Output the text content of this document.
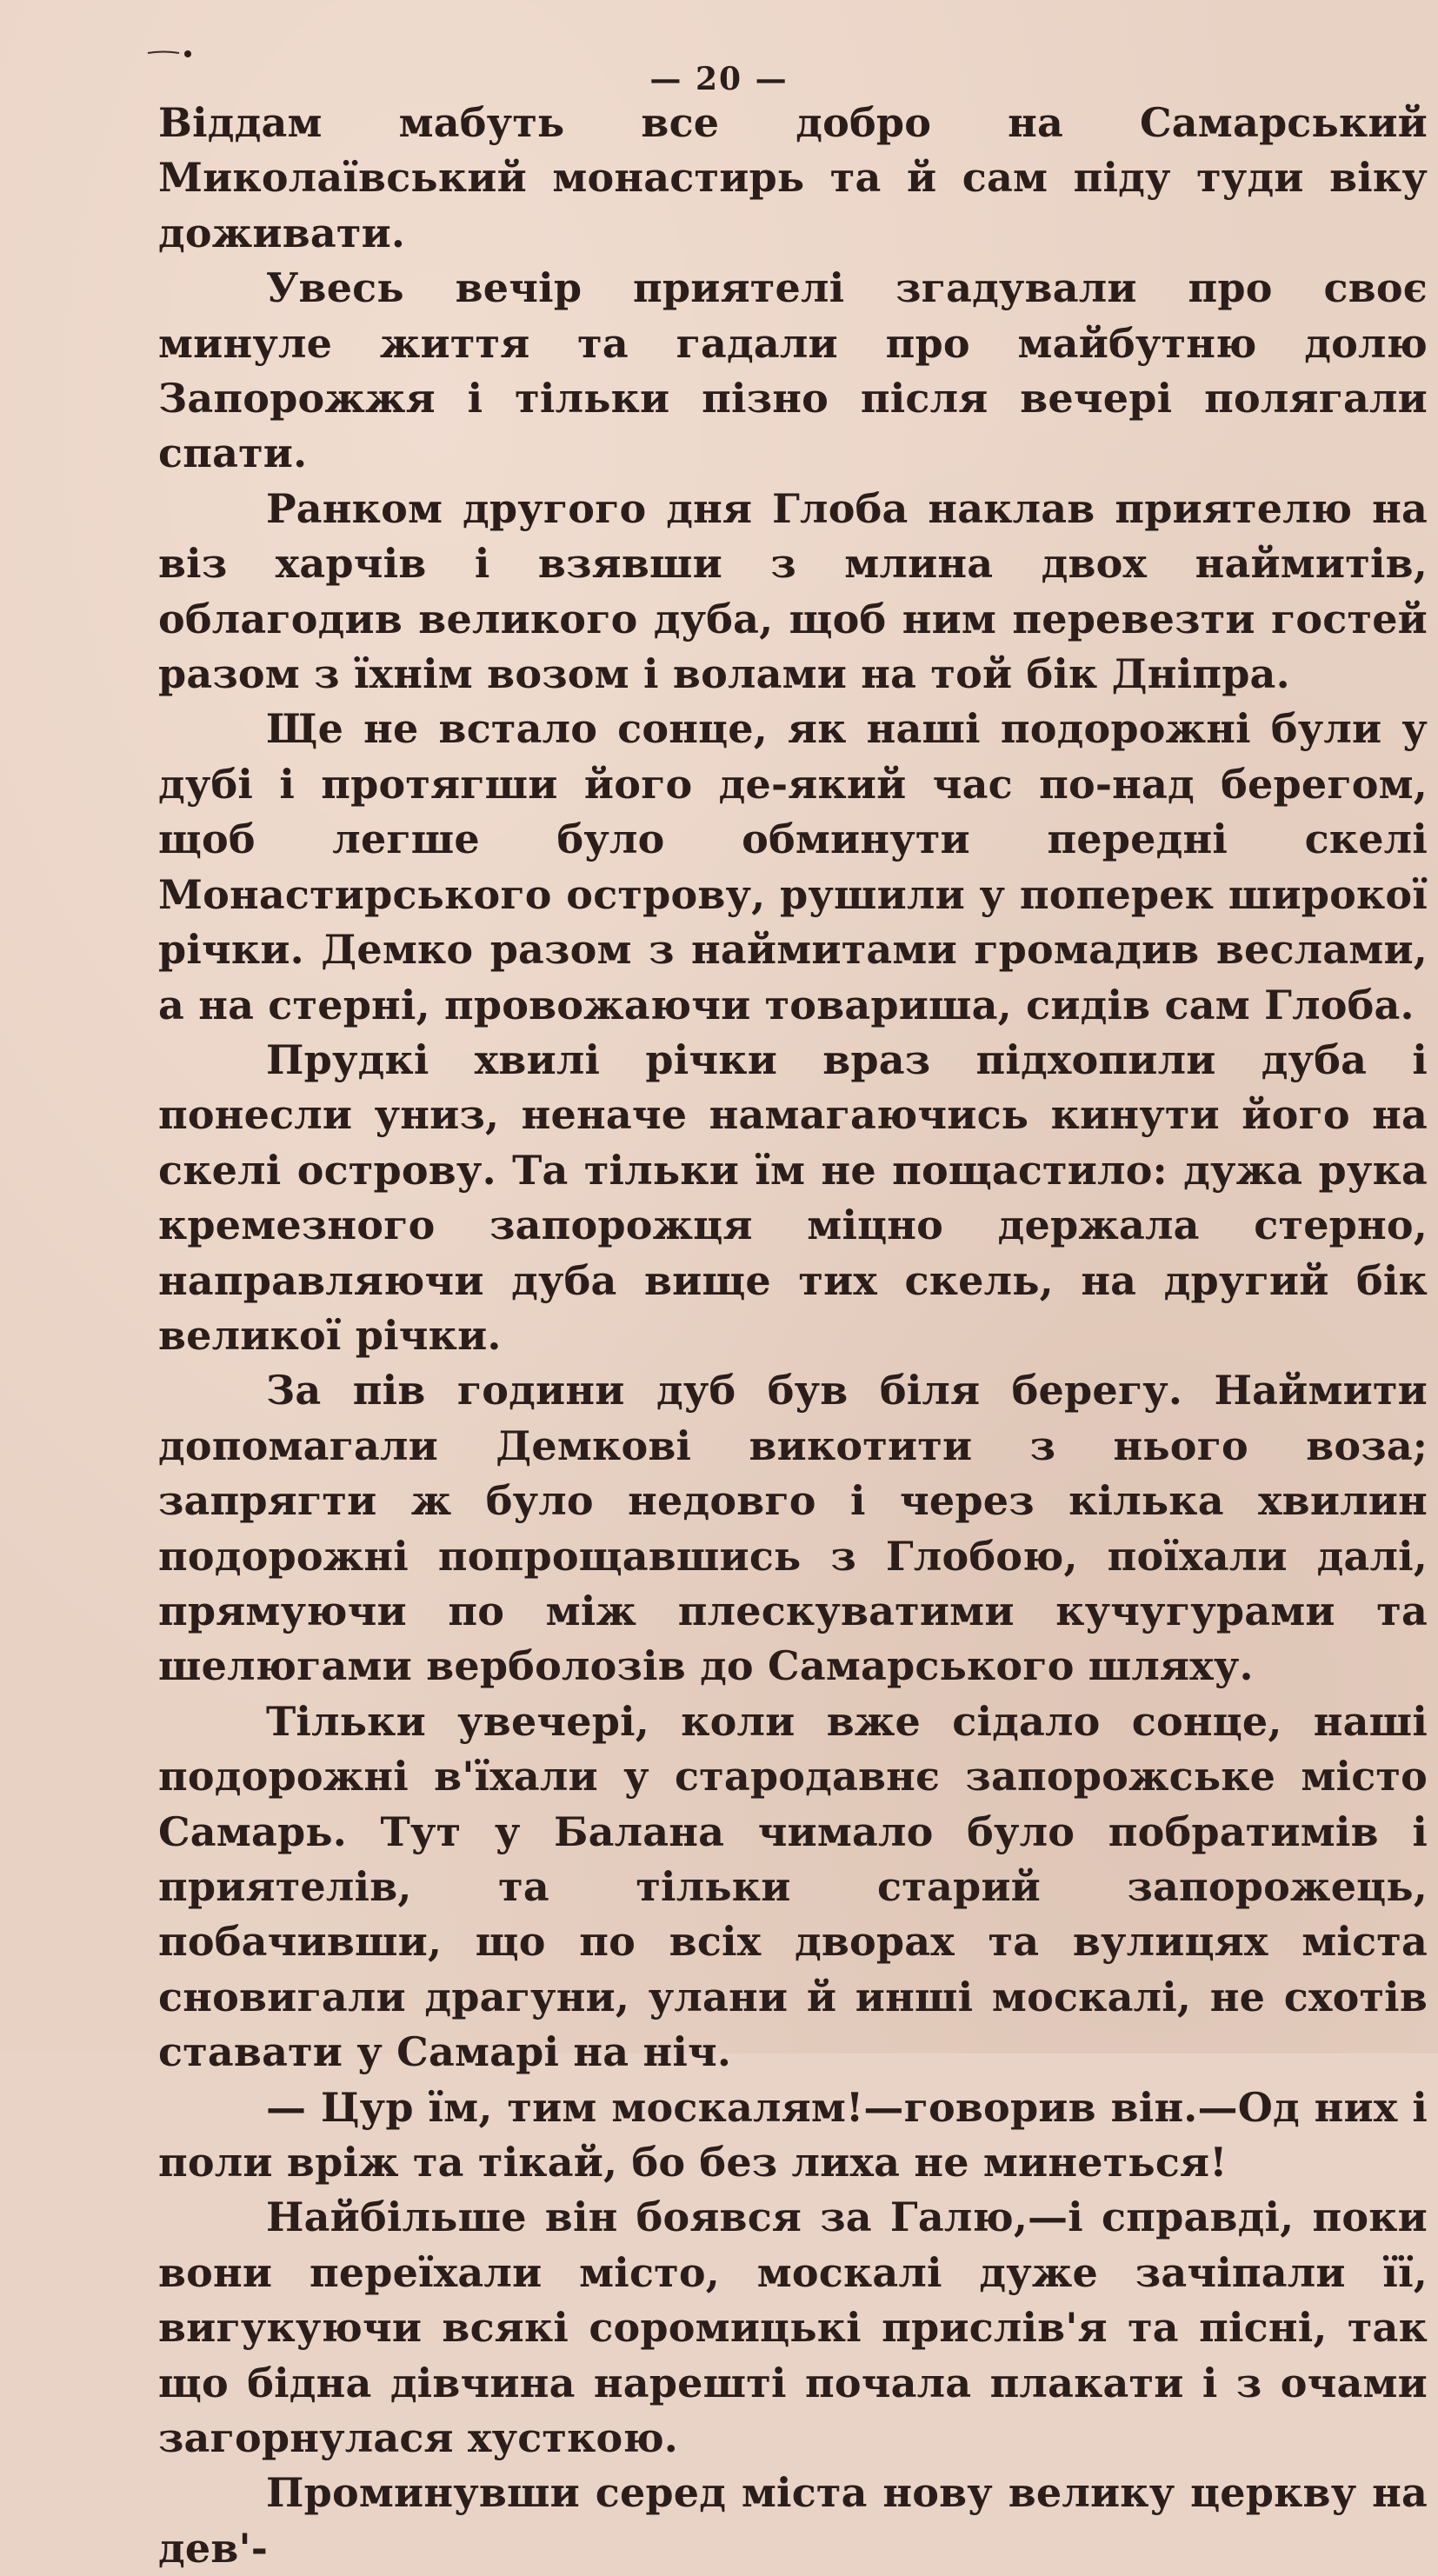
— 20 —

Віддам мабуть все добро на Самарський Миколаївський монастирь та й сам піду туди віку доживати.

Увесь вечір приятелі згадували про своє минуле життя та гадали про майбутню долю Запорожжя і тільки пізно після вечері полягали спати.

Ранком другого дня Глоба наклав приятелю на віз харчів і взявши з млина двох наймитів, облагодив великого дуба, щоб ним перевезти гостей разом з їхнім возом і волами на той бік Дніпра.

Ще не встало сонце, як наші подорожні були у дубі і протягши його де-який час по-над берегом, щоб легше було обминути передні скелі Монастирського острову, рушили у поперек широкої річки. Демко разом з наймитами громадив веслами, а на стерні, провожаючи товариша, сидів сам Глоба.

Прудкі хвилі річки враз підхопили дуба і понесли униз, неначе намагаючись кинути його на скелі острову. Та тільки їм не пощастило: дужа рука кремезного запорожця міцно держала стерно, направляючи дуба вище тих скель, на другий бік великої річки.

За пів години дуб був біля берегу. Наймити допомагали Демкові викотити з нього воза; запрягти ж було недовго і через кілька хвилин подорожні попрощавшись з Глобою, поїхали далі, прямуючи по між плескуватими кучугурами та шелюгами верболозів до Самарського шляху.

Тільки увечері, коли вже сідало сонце, наші подорожні в'їхали у стародавнє запорожське місто Самарь. Тут у Балана чимало було побратимів і приятелів, та тільки старий запорожець, побачивши, що по всіх дворах та вулицях міста сновигали драгуни, улани й инші москалі, не схотів ставати у Самарі на ніч.

— Цур їм, тим москалям!—говорив він.—Од них і поли вріж та тікай, бо без лиха не минеться!

Найбільше він боявся за Галю,—і справді, поки вони переїхали місто, москалі дуже зачіпали її, вигукуючи всякі соромицькі прислів'я та пісні, так що бідна дівчина нарешті почала плакати і з очами загорнулася хусткою.

Проминувши серед міста нову велику церкву на дев'-
